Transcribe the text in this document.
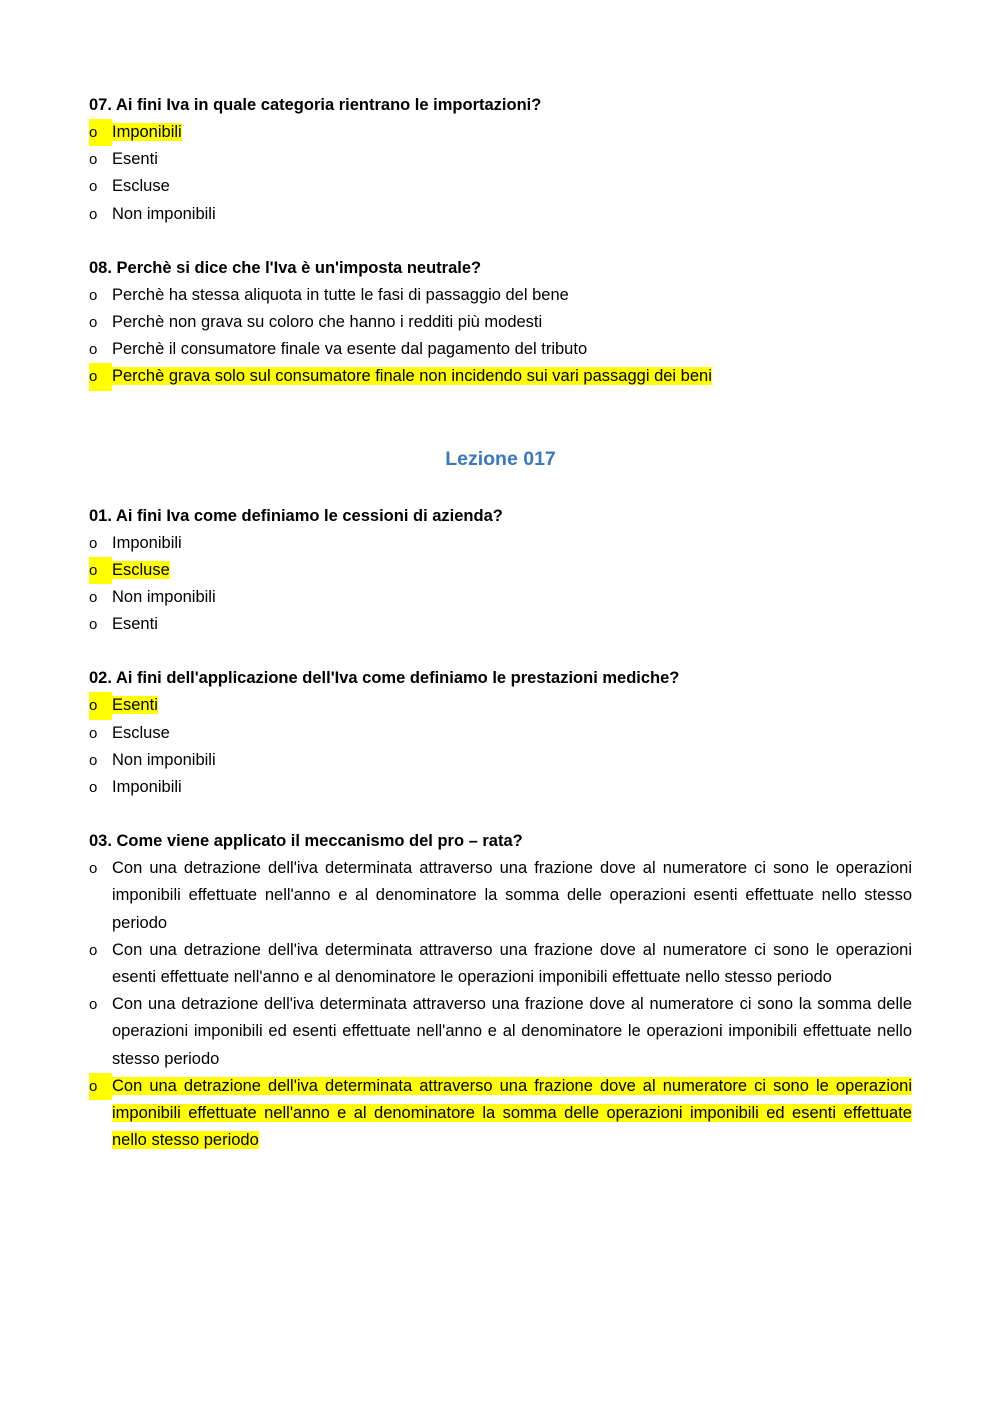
07. Ai fini Iva in quale categoria rientrano le importazioni?

o Imponibili
o Esenti
o Escluse
o Non imponibili

08. Perchè si dice che l'Iva è un'imposta neutrale?

o Perchè ha stessa aliquota in tutte le fasi di passaggio del bene
o Perchè non grava su coloro che hanno i redditi più modesti
o Perchè il consumatore finale va esente dal pagamento del tributo
o Perchè grava solo sul consumatore finale non incidendo sui vari passaggi dei beni
Lezione 017

01. Ai fini Iva come definiamo le cessioni di azienda?

o Imponibili
o Escluse
o Non imponibili
o Esenti

02. Ai fini dell'applicazione dell'Iva come definiamo le prestazioni mediche?

o Esenti
o Escluse
o Non imponibili
o Imponibili

03. Come viene applicato il meccanismo del pro – rata?

o Con una detrazione dell'iva determinata attraverso una frazione dove al numeratore ci sono le operazioni imponibili effettuate nell'anno e al denominatore la somma delle operazioni esenti effettuate nello stesso periodo
o Con una detrazione dell'iva determinata attraverso una frazione dove al numeratore ci sono le operazioni esenti effettuate nell'anno e al denominatore le operazioni imponibili effettuate nello stesso periodo
o Con una detrazione dell'iva determinata attraverso una frazione dove al numeratore ci sono la somma delle operazioni imponibili ed esenti effettuate nell'anno e al denominatore le operazioni imponibili effettuate nello stesso periodo
o Con una detrazione dell'iva determinata attraverso una frazione dove al numeratore ci sono le operazioni imponibili effettuate nell'anno e al denominatore la somma delle operazioni imponibili ed esenti effettuate nello stesso periodo
